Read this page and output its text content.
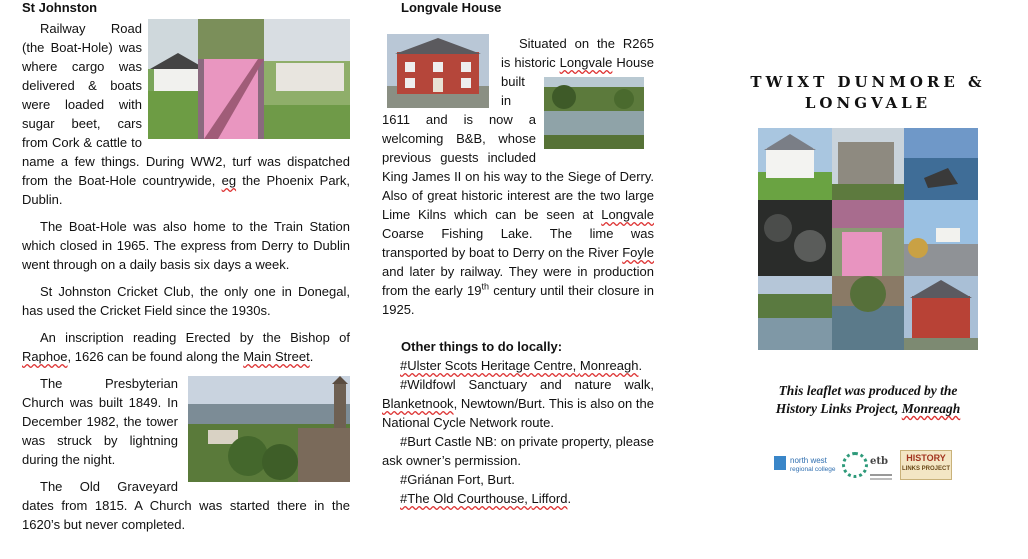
St Johnston

Railway Road (the Boat-Hole) was where cargo was delivered & boats were loaded with sugar beet, cars from Cork & cattle to name a few things. During WW2, turf was dispatched from the Boat-Hole countrywide, eg the Phoenix Park, Dublin.

The Boat-Hole was also home to the Train Station which closed in 1965. The express from Derry to Dublin went through on a daily basis six days a week.

St Johnston Cricket Club, the only one in Donegal, has used the Cricket Field since the 1930s.

An inscription reading Erected by the Bishop of Raphoe, 1626 can be found along the Main Street.

The Presbyterian Church was built 1849. In December 1982, the tower was struck by lightning during the night.

The Old Graveyard dates from 1815. A Church was started there in the 1620’s but never completed.

Longvale House

Situated on the R265 is historic Longvale
House built in 1611 and is now a welcoming B&B, whose previous guests included King James II on his way to the Siege of Derry. Also of great historic interest are the two large Lime Kilns which can be seen at Longvale Coarse Fishing Lake. The lime was transported by boat to Derry on the River Foyle and later by railway. They were in production from the early 19th century until their closure in 1925.

Other things to do locally:

#Ulster Scots Heritage Centre, Monreagh.

#Wildfowl Sanctuary and nature walk, Blanketnook, Newtown/Burt. This is also on the National Cycle Network route.

#Burt Castle NB: on private property, please ask owner’s permission.

#Griánan Fort, Burt.

#The Old Courthouse, Lifford.

TWIXT DUNMORE &
LONGVALE
This leaflet was produced by the
History Links Project, Monreagh
north west
regional college
etb	HISTORY
LINKS PROJECT
